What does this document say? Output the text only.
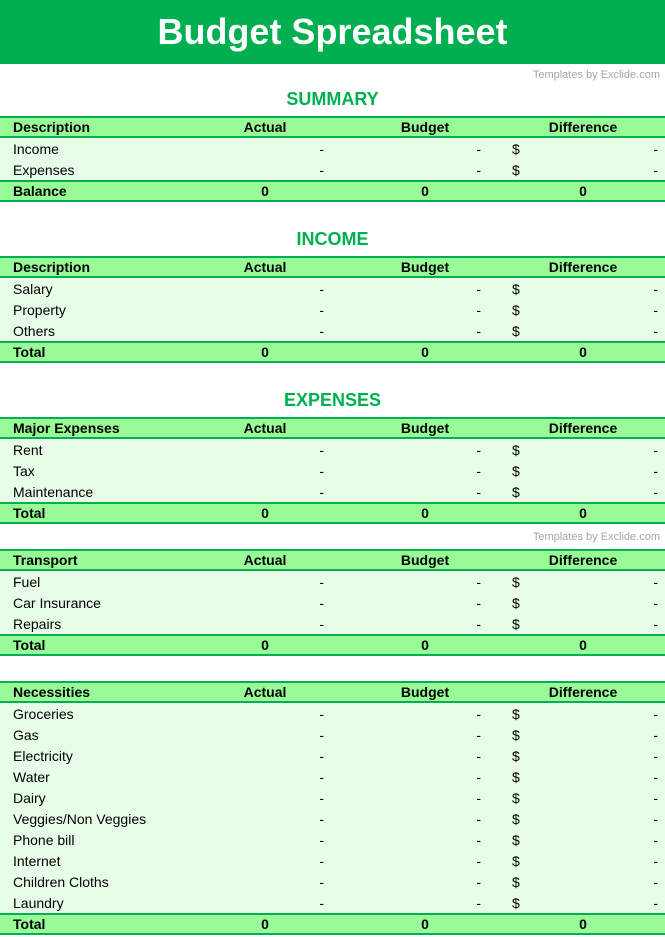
Budget Spreadsheet
Templates by Exclide.com
SUMMARY
Description	Actual	Budget	Difference
Income	-	- $	-
Expenses	-	- $	-
Balance	0	0	0
INCOME
Description	Actual	Budget	Difference
Salary	-	- $	-
Property	-	- $	-
Others	-	- $	-
Total	0	0	0
EXPENSES
Major Expenses	Actual	Budget	Difference
Rent	-	- $	-
Tax	-	- $	-
Maintenance	-	- $	-
Total	0	0	0
Templates by Exclide.com
Transport	Actual	Budget	Difference
Fuel	-	- $	-
Car Insurance	-	- $	-
Repairs	-	- $	-
Total	0	0	0
Necessities	Actual	Budget	Difference
Groceries	-	- $	-
Gas	-	- $	-
Electricity	-	- $	-
Water	-	- $	-
Dairy	-	- $	-
Veggies/Non Veggies	-	- $	-
Phone bill	-	- $	-
Internet	-	- $	-
Children Cloths	-	- $	-
Laundry	-	- $	-
Total	0	0	0
